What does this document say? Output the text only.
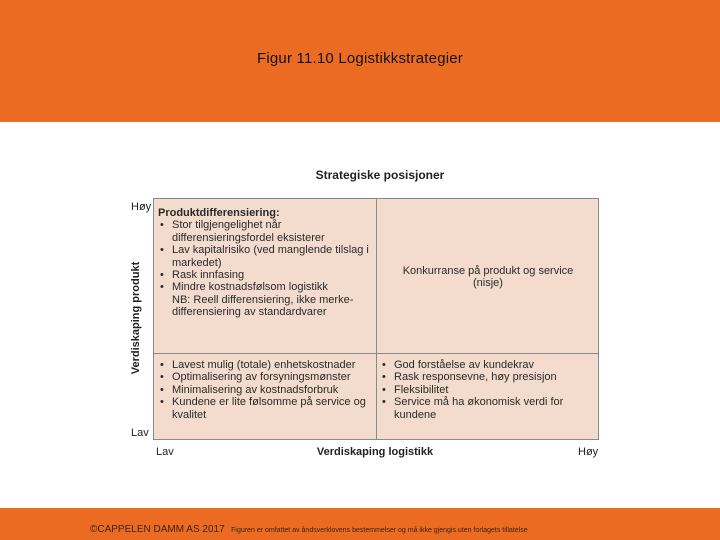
Figur 11.10 Logistikkstrategier
Strategiske posisjoner
Verdiskaping produkt
Høy
Lav
Produktdifferensiering:
• Stor tilgjengelighet når differensieringsfordel eksisterer
• Lav kapitalrisiko (ved manglende tilslag i markedet)
• Rask innfasing
• Mindre kostnadsfølsom logistikk
NB: Reell differensiering, ikke merke-differensiering av standardvarer
Konkurranse på produkt og service
(nisje)
• Lavest mulig (totale) enhetskostnader
• Optimalisering av forsyningsmønster
• Minimalisering av kostnadsforbruk
• Kundene er lite følsomme på service og kvalitet
• God forståelse av kundekrav
• Rask responsevne, høy presisjon
• Fleksibilitet
• Service må ha økonomisk verdi for kundene
Lav	Verdiskaping logistikk	Høy
©CAPPELEN DAMM AS 2017 Figuren er omfattet av åndsverklovens bestemmelser og må ikke gjengis uten forlagets tillatelse
